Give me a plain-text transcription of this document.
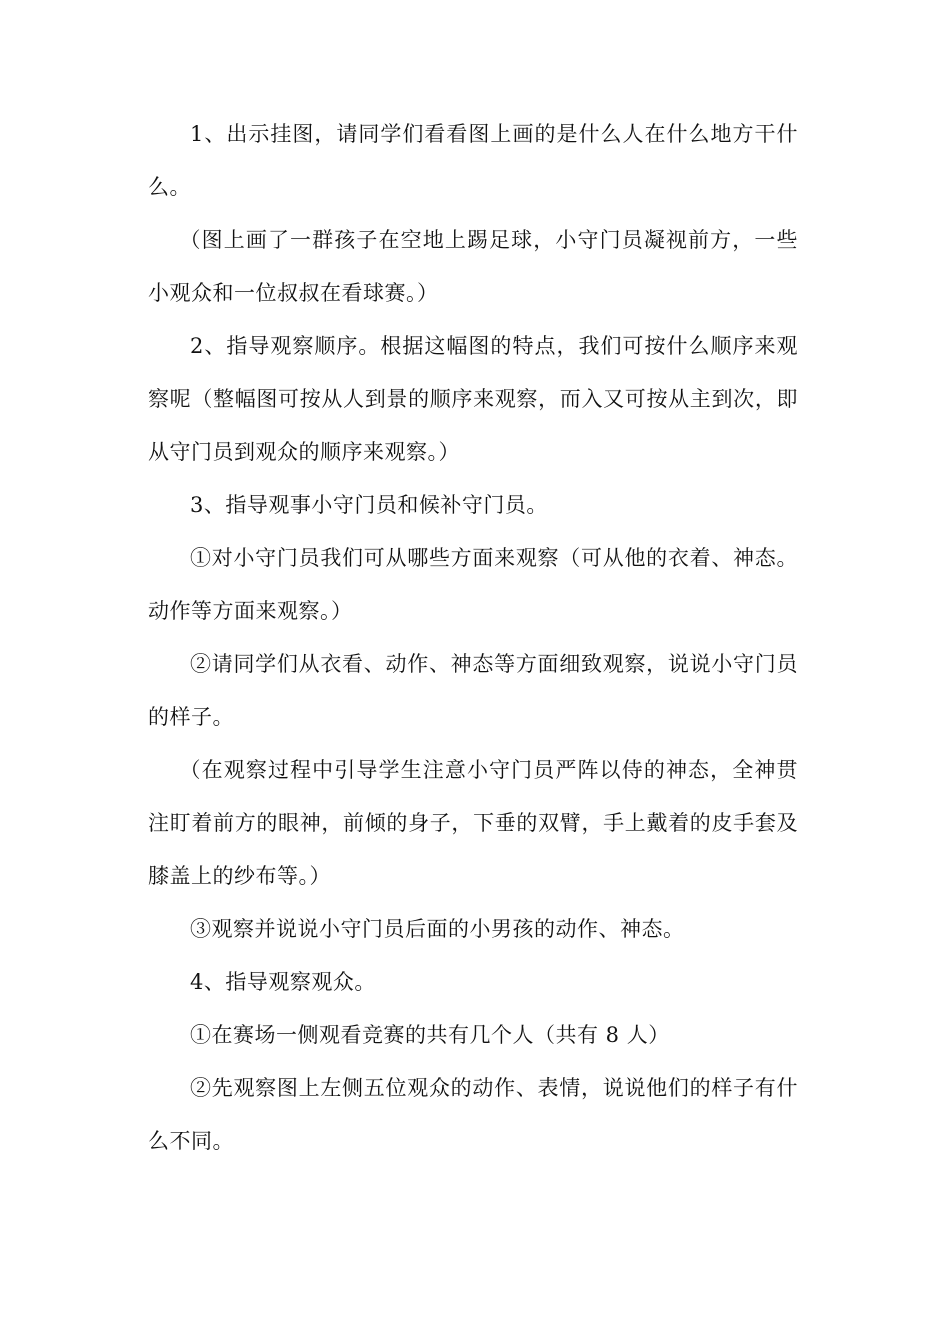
1、出示挂图，请同学们看看图上画的是什么人在什么地方干什么。

（图上画了一群孩子在空地上踢足球，小守门员凝视前方，一些小观众和一位叔叔在看球赛。）

2、指导观察顺序。根据这幅图的特点，我们可按什么顺序来观察呢（整幅图可按从人到景的顺序来观察，而入又可按从主到次，即从守门员到观众的顺序来观察。）

3、指导观事小守门员和候补守门员。

①对小守门员我们可从哪些方面来观察（可从他的衣着、神态。动作等方面来观察。）

②请同学们从衣看、动作、神态等方面细致观察，说说小守门员的样子。

（在观察过程中引导学生注意小守门员严阵以侍的神态，全神贯注盯着前方的眼神，前倾的身子，下垂的双臂，手上戴着的皮手套及膝盖上的纱布等。）

③观察并说说小守门员后面的小男孩的动作、神态。

4、指导观察观众。

①在赛场一侧观看竞赛的共有几个人（共有 8 人）

②先观察图上左侧五位观众的动作、表情，说说他们的样子有什么不同。
